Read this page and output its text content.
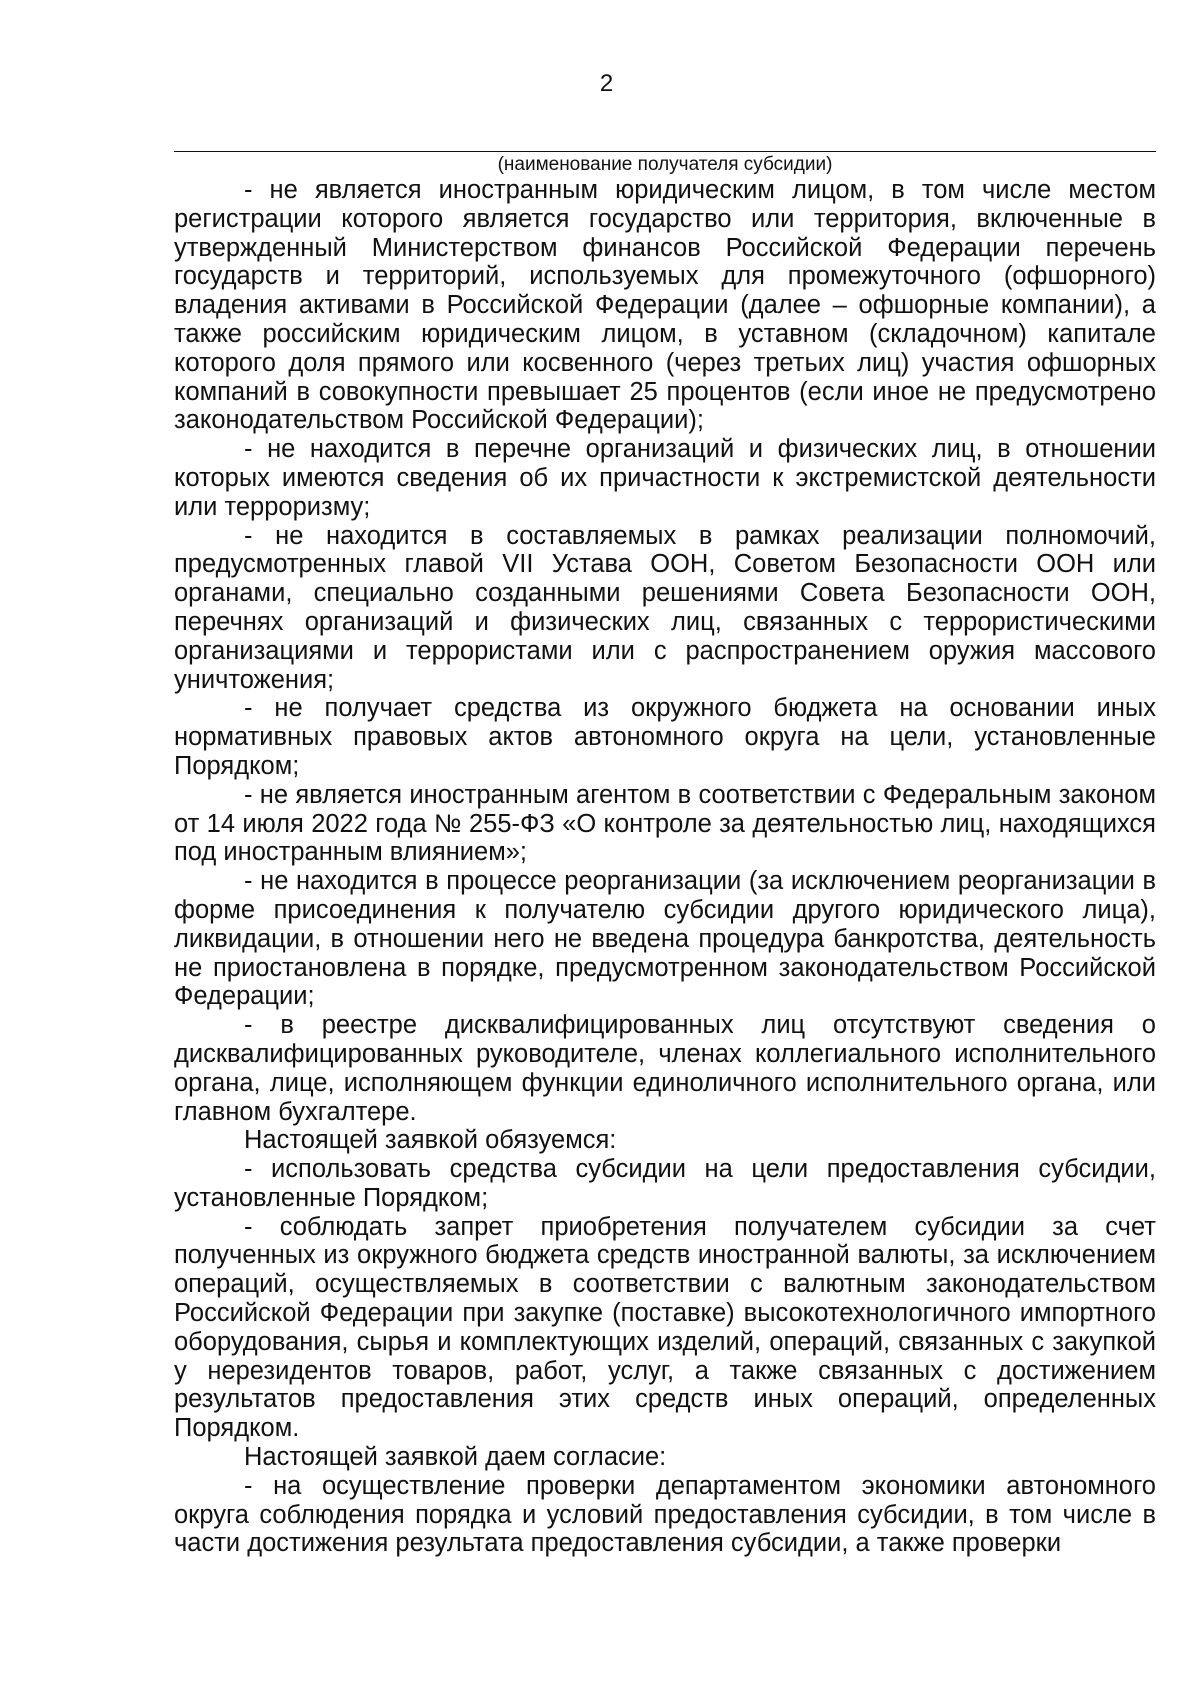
2
(наименование получателя субсидии)

- не является иностранным юридическим лицом, в том числе местом регистрации которого является государство или территория, включенные в утвержденный Министерством финансов Российской Федерации перечень государств и территорий, используемых для промежуточного (офшорного) владения активами в Российской Федерации (далее – офшорные компании), а также российским юридическим лицом, в уставном (складочном) капитале которого доля прямого или косвенного (через третьих лиц) участия офшорных компаний в совокупности превышает 25 процентов (если иное не предусмотрено законодательством Российской Федерации);

- не находится в перечне организаций и физических лиц, в отношении которых имеются сведения об их причастности к экстремистской деятельности или терроризму;

- не находится в составляемых в рамках реализации полномочий, предусмотренных главой VII Устава ООН, Советом Безопасности ООН или органами, специально созданными решениями Совета Безопасности ООН, перечнях организаций и физических лиц, связанных с террористическими организациями и террористами или с распространением оружия массового уничтожения;

- не получает средства из окружного бюджета на основании иных нормативных правовых актов автономного округа на цели, установленные Порядком;

- не является иностранным агентом в соответствии с Федеральным законом от 14 июля 2022 года № 255-ФЗ «О контроле за деятельностью лиц, находящихся под иностранным влиянием»;

- не находится в процессе реорганизации (за исключением реорганизации в форме присоединения к получателю субсидии другого юридического лица), ликвидации, в отношении него не введена процедура банкротства, деятельность не приостановлена в порядке, предусмотренном законодательством Российской Федерации;

- в реестре дисквалифицированных лиц отсутствуют сведения о дисквалифицированных руководителе, членах коллегиального исполнительного органа, лице, исполняющем функции единоличного исполнительного органа, или главном бухгалтере.

Настоящей заявкой обязуемся:

- использовать средства субсидии на цели предоставления субсидии, установленные Порядком;

- соблюдать запрет приобретения получателем субсидии за счет полученных из окружного бюджета средств иностранной валюты, за исключением операций, осуществляемых в соответствии с валютным законодательством Российской Федерации при закупке (поставке) высокотехнологичного импортного оборудования, сырья и комплектующих изделий, операций, связанных с закупкой у нерезидентов товаров, работ, услуг, а также связанных с достижением результатов предоставления этих средств иных операций, определенных Порядком.

Настоящей заявкой даем согласие:

- на осуществление проверки департаментом экономики автономного округа соблюдения порядка и условий предоставления субсидии, в том числе в части достижения результата предоставления субсидии, а также проверки
